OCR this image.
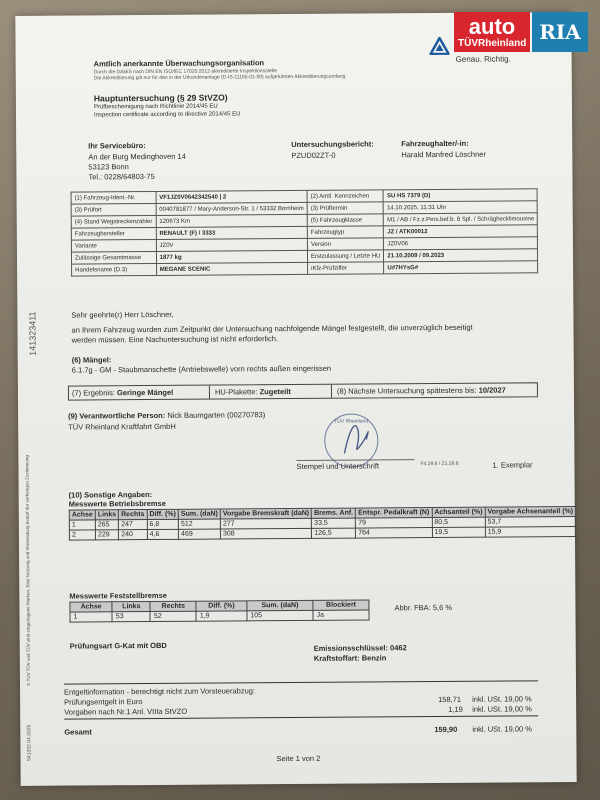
Amtlich anerkannte Überwachungsorganisation
Durch die DAkkS nach DIN EN ISO/IEC 17020:2012 akkreditierte Inspektionsstelle
Die Akkreditierung gilt nur für den in der Urkundenanlage (D-IS-11165-01-00) aufgeführten Akkreditierungsumfang
Genau. Richtig.
Hauptuntersuchung (§ 29 StVZO)
Prüfbescheinigung nach Richtlinie 2014/45 EU
Inspection certificate according to directive 2014/45 EU
Ihr Servicebüro:
An der Burg Medinghoven 14
53123 Bonn
Tel.: 0228/64803-75
Untersuchungsbericht:
PZUD02ZT-0
Fahrzeughalter/-in:
Harald Manfred Löschner
(1) Fahrzeug-Ident.-Nr.	VF1JZ0V0642342540 | 2	(2) Amtl. Kennzeichen	SU HS 7379 (D)
(3) Prüfort	0040781877 / Mary-Anderson-Str. 1 / 53332 Bornheim	(3) Prüftermin	14.10.2025, 11:31 Uhr
(4) Stand Wegstreckenzähler	120673 Km	(5) Fahrzeugklasse	M1 / AB / Fz.z.Pers.bef.b. 8 Spl. / Schräghecklimousine
Fahrzeughersteller	RENAULT (F) / 3333	Fahrzeugtyp	JZ / ATK00012
Variante	JZ0V	Version	JZ0V06
Zulässige Gesamtmasse	1877 kg	Erstzulassung / Letzte HU	21.10.2009 / 09.2023
Handelsname (D.3)	MEGANE SCENIC	iKfz-Prüfziffer	U#7HYsG#
Sehr geehrte(r) Herr Löschner,
an Ihrem Fahrzeug wurden zum Zeitpunkt der Untersuchung nachfolgende Mängel festgestellt, die unverzüglich beseitigt
werden müssen. Eine Nachuntersuchung ist nicht erforderlich.
(6) Mängel:
6.1.7g - GM - Staubmanschette (Antriebswelle) vorn rechts außen eingerissen
(7) Ergebnis: Geringe Mängel	HU-Plakette: Zugeteilt	(8) Nächste Untersuchung spätestens bis: 10/2027
(9) Verantwortliche Person: Nick Baumgarten (00270783)
TÜV Rheinland Kraftfahrt GmbH
TÜV Rheinland
Stempel und Unterschrift	F4.29.8 / Z1.29.8	1. Exemplar
(10) Sonstige Angaben:
Messwerte Betriebsbremse
Achse	Links	Rechts	Diff. (%)	Sum. (daN)	Vorgabe Bremskraft (daN)	Brems. Anf.	Entspr. Pedalkraft (N)	Achsanteil (%)	Vorgabe Achsenanteil (%)
1	265	247	6,8	512	277	33,5	79	80,5	53,7
2	229	240	4,6	469	308	126,5	764	19,5	15,9
Messwerte Feststellbremse
Achse	Links	Rechts	Diff. (%)	Sum. (daN)	Blockiert
1	53	52	1,9	105	Ja
Abbr. FBA: 5,6 %
Prüfungsart G-Kat mit OBD	Emissionsschlüssel: 0462
Kraftstoffart: Benzin
Entgeltinformation - berechtigt nicht zum Vorsteuerabzug:
Prüfungsentgelt in Euro	158,71 inkl. USt. 19,00 %
Vorgaben nach Nr.1 Anl. VIIIa StVZO	1,19 inkl. USt. 19,00 %
Gesamt	159,90 inkl. USt. 19,00 %
Seite 1 von 2
141323411
© TÜV TÜV und TÜV sind eingetragene Marken. Eine Nutzung und Verwendung bedarf der vorherigen Zustimmung
541332 04.2025
auto
TÜVRheinland RIA
